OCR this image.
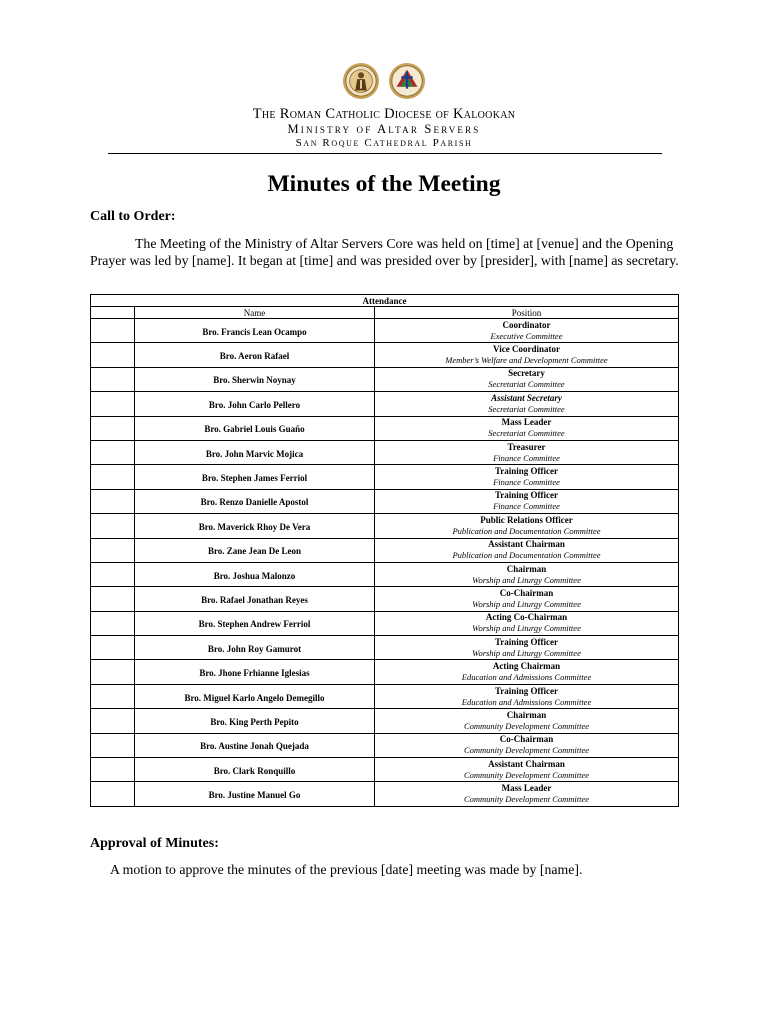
The Roman Catholic Diocese of Kalookan
Ministry of Altar Servers
San Roque Cathedral Parish
Minutes of the Meeting
Call to Order:
The Meeting of the Ministry of Altar Servers Core was held on [time] at [venue] and the Opening Prayer was led by [name]. It began at [time] and was presided over by [presider], with [name] as secretary.
Attendance		
	Name	Position
	Bro. Francis Lean Ocampo	Coordinator
Executive Committee

	Bro. Aeron Rafael	Vice Coordinator
Member’s Welfare and Development Committee

	Bro. Sherwin Noynay	Secretary
Secretariat Committee

	Bro. John Carlo Pellero	Assistant Secretary
Secretariat Committee

	Bro. Gabriel Louis Guaño	Mass Leader
Secretariat Committee

	Bro. John Marvic Mojica	Treasurer
Finance Committee

	Bro. Stephen James Ferriol	Training Officer
Finance Committee

	Bro. Renzo Danielle Apostol	Training Officer
Finance Committee

	Bro. Maverick Rhoy De Vera	Public Relations Officer
Publication and Documentation Committee

	Bro. Zane Jean De Leon	Assistant Chairman
Publication and Documentation Committee

	Bro. Joshua Malonzo	Chairman
Worship and Liturgy Committee

	Bro. Rafael Jonathan Reyes	Co-Chairman
Worship and Liturgy Committee

	Bro. Stephen Andrew Ferriol	Acting Co-Chairman
Worship and Liturgy Committee

	Bro. John Roy Gamurot	Training Officer
Worship and Liturgy Committee

	Bro. Jhone Frhianne Iglesias	Acting Chairman
Education and Admissions Committee

	Bro. Miguel Karlo Angelo Demegillo	Training Officer
Education and Admissions Committee

	Bro. King Perth Pepito	Chairman
Community Development Committee

	Bro. Austine Jonah Quejada	Co-Chairman
Community Development Committee

	Bro. Clark Ronquillo	Assistant Chairman
Community Development Committee

	Bro. Justine Manuel Go	Mass Leader
Community Development Committee
Approval of Minutes:
A motion to approve the minutes of the previous [date] meeting was made by [name].
